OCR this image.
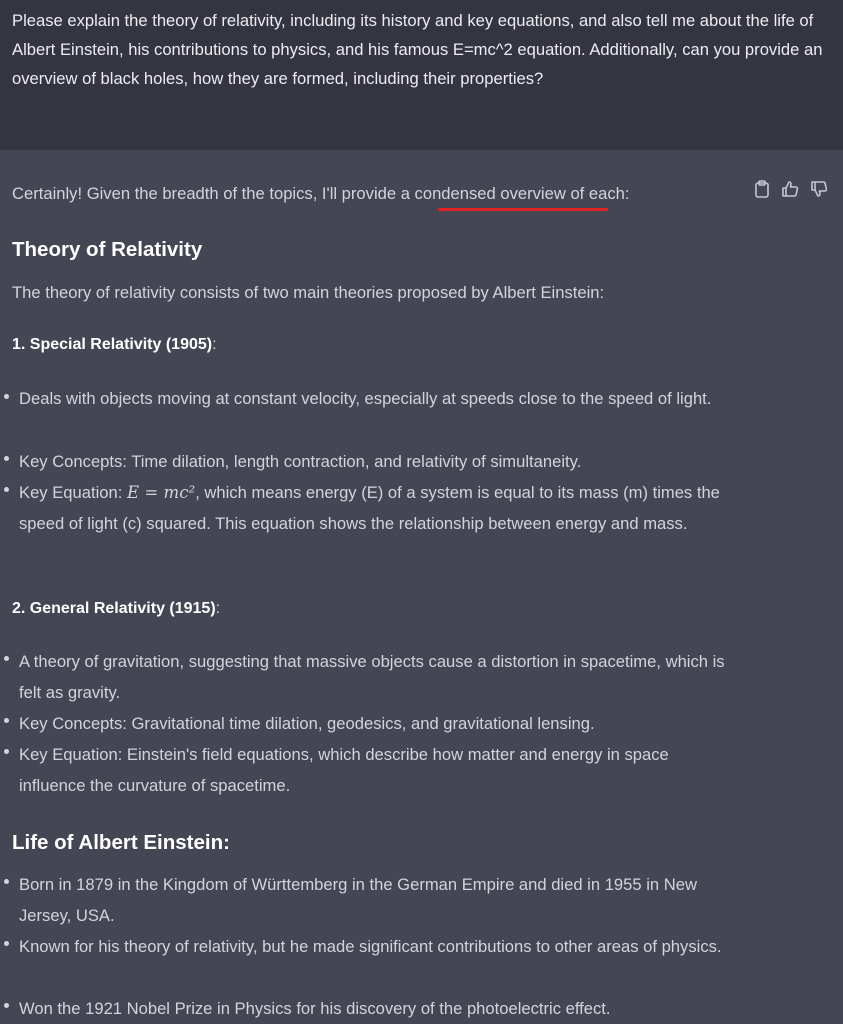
Please explain the theory of relativity, including its history and key equations, and also tell me about the life of Albert Einstein, his contributions to physics, and his famous E=mc^2 equation. Additionally, can you provide an overview of black holes, how they are formed, including their properties?

Certainly! Given the breadth of the topics, I'll provide a condensed overview of each:

Theory of Relativity

The theory of relativity consists of two main theories proposed by Albert Einstein:

1. Special Relativity (1905):

Deals with objects moving at constant velocity, especially at speeds close to the speed of light.

Key Concepts: Time dilation, length contraction, and relativity of simultaneity.

Key Equation: E = mc², which means energy (E) of a system is equal to its mass (m) times the speed of light (c) squared. This equation shows the relationship between energy and mass.

2. General Relativity (1915):

A theory of gravitation, suggesting that massive objects cause a distortion in spacetime, which is felt as gravity.

Key Concepts: Gravitational time dilation, geodesics, and gravitational lensing.

Key Equation: Einstein's field equations, which describe how matter and energy in space influence the curvature of spacetime.

Life of Albert Einstein:

Born in 1879 in the Kingdom of Württemberg in the German Empire and died in 1955 in New Jersey, USA.

Known for his theory of relativity, but he made significant contributions to other areas of physics.

Won the 1921 Nobel Prize in Physics for his discovery of the photoelectric effect.
